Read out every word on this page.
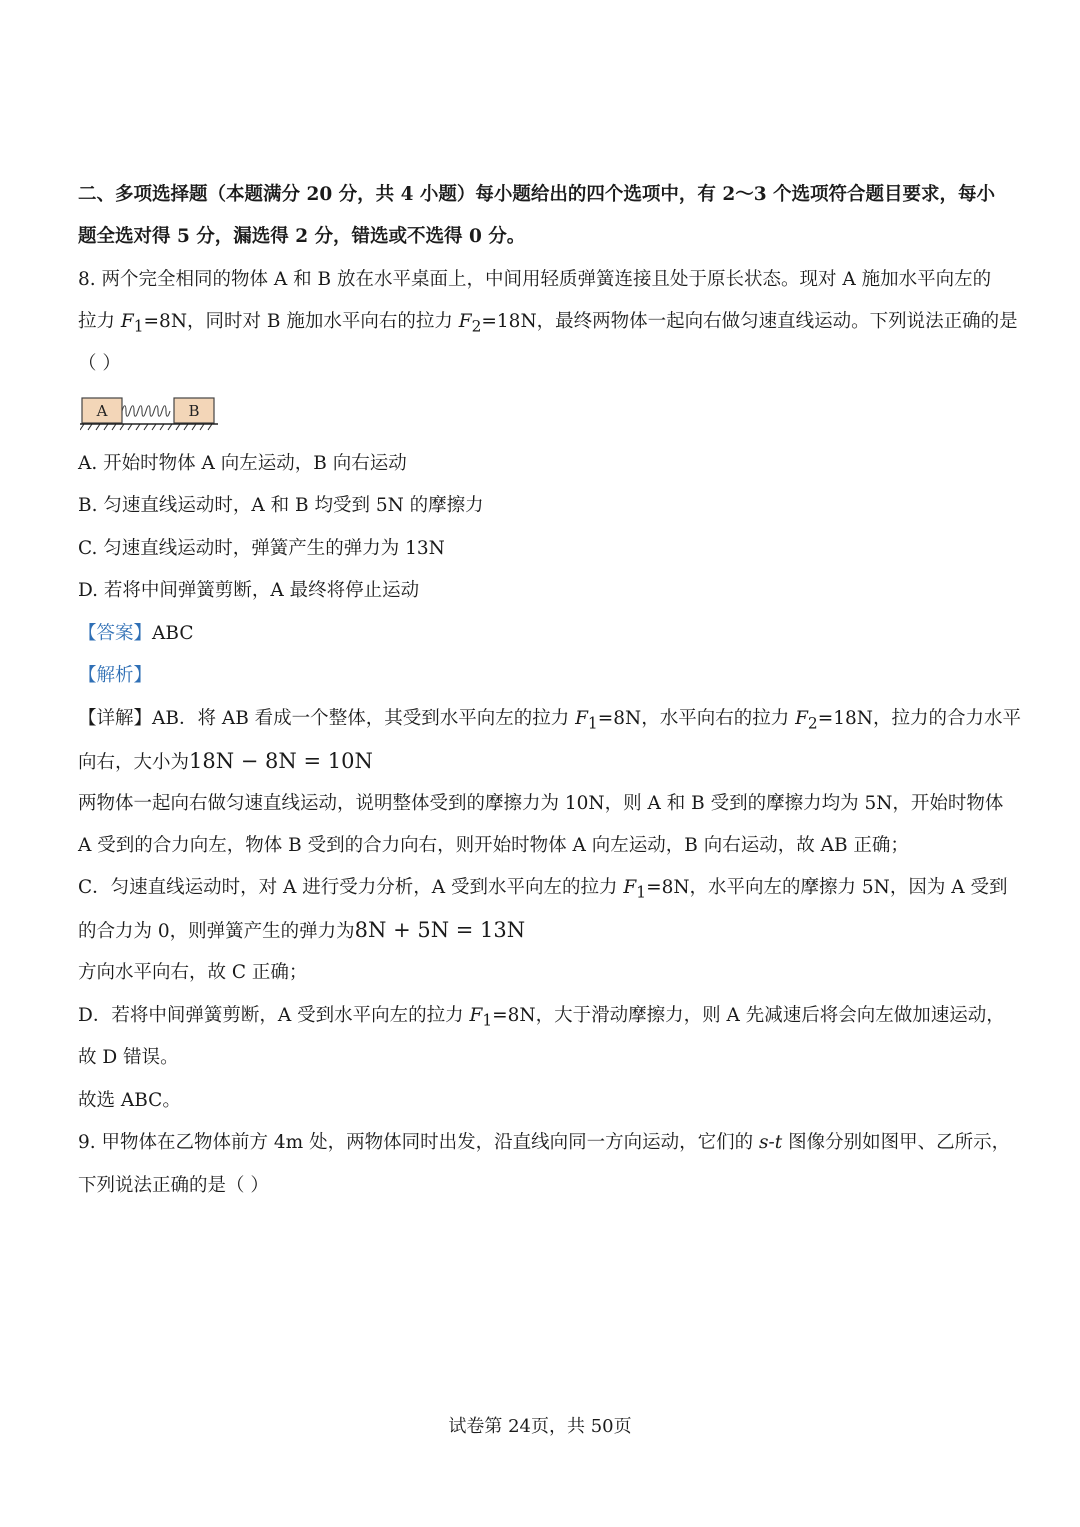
二、多项选择题（本题满分 20 分，共 4 小题）每小题给出的四个选项中，有 2～3 个选项符合题目要求，每小
题全选对得 5 分，漏选得 2 分，错选或不选得 0 分。
8. 两个完全相同的物体 A 和 B 放在水平桌面上，中间用轻质弹簧连接且处于原长状态。现对 A 施加水平向左的
拉力 $F_1=8N$，同时对 B 施加水平向右的拉力 $F_2=18N$，最终两物体一起向右做匀速直线运动。下列说法正确的是
（ ）
A	B
A. 开始时物体 A 向左运动，B 向右运动
B. 匀速直线运动时，A 和 B 均受到 5N 的摩擦力
C. 匀速直线运动时，弹簧产生的弹力为 13N
D. 若将中间弹簧剪断，A 最终将停止运动
【答案】ABC
【解析】
【详解】AB．将 AB 看成一个整体，其受到水平向左的拉力 $F_1=8N$，水平向右的拉力 $F_2=18N$，拉力的合力水平
向右，大小为18N − 8N = 10N
两物体一起向右做匀速直线运动，说明整体受到的摩擦力为 10N，则 A 和 B 受到的摩擦力均为 5N，开始时物体
A 受到的合力向左，物体 B 受到的合力向右，则开始时物体 A 向左运动，B 向右运动，故 AB 正确；
C．匀速直线运动时，对 A 进行受力分析，A 受到水平向左的拉力 $F_1=8N$，水平向左的摩擦力 5N，因为 A 受到
的合力为 0，则弹簧产生的弹力为8N + 5N = 13N
方向水平向右，故 C 正确；
D．若将中间弹簧剪断，A 受到水平向左的拉力 $F_1=8N$，大于滑动摩擦力，则 A 先减速后将会向左做加速运动，
故 D 错误。
故选 ABC。
9. 甲物体在乙物体前方 4m 处，两物体同时出发，沿直线向同一方向运动，它们的 s-t 图像分别如图甲、乙所示，
下列说法正确的是（ ）
试卷第 24页，共 50页
